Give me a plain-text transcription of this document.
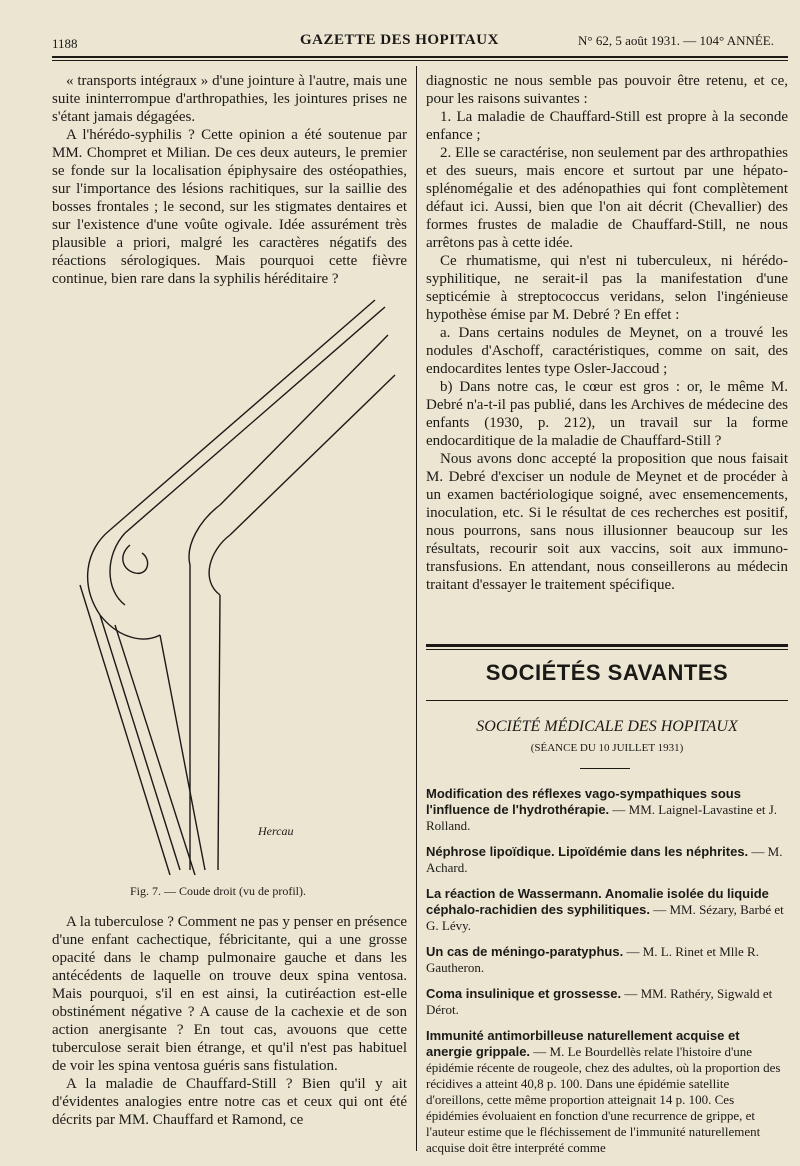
1188	GAZETTE DES HOPITAUX	N° 62, 5 août 1931. — 104° ANNÉE.

« transports intégraux » d'une jointure à l'autre, mais une suite ininterrompue d'arthropathies, les jointures prises ne s'étant jamais dégagées.

A l'hérédo-syphilis ? Cette opinion a été soutenue par MM. Chompret et Milian. De ces deux auteurs, le premier se fonde sur la localisation épiphysaire des ostéopathies, sur l'importance des lésions rachitiques, sur la saillie des bosses frontales ; le second, sur les stigmates dentaires et sur l'existence d'une voûte ogivale. Idée assurément très plausible a priori, malgré les caractères négatifs des réactions sérologiques. Mais pourquoi cette fièvre continue, bien rare dans la syphilis héréditaire ?

Hercau
Fig. 7. — Coude droit (vu de profil).

A la tuberculose ? Comment ne pas y penser en présence d'une enfant cachectique, fébricitante, qui a une grosse opacité dans le champ pulmonaire gauche et dans les antécédents de laquelle on trouve deux spina ventosa. Mais pourquoi, s'il en est ainsi, la cutiréaction est-elle obstinément négative ? A cause de la cachexie et de son action anergisante ? En tout cas, avouons que cette tuberculose serait bien étrange, et qu'il n'est pas habituel de voir les spina ventosa guéris sans fistulation.

A la maladie de Chauffard-Still ? Bien qu'il y ait d'évidentes analogies entre notre cas et ceux qui ont été décrits par MM. Chauffard et Ramond, ce

diagnostic ne nous semble pas pouvoir être retenu, et ce, pour les raisons suivantes :

1. La maladie de Chauffard-Still est propre à la seconde enfance ;

2. Elle se caractérise, non seulement par des arthropathies et des sueurs, mais encore et surtout par une hépato-splénomégalie et des adénopathies qui font complètement défaut ici. Aussi, bien que l'on ait décrit (Chevallier) des formes frustes de maladie de Chauffard-Still, ne nous arrêtons pas à cette idée.

Ce rhumatisme, qui n'est ni tuberculeux, ni hérédo-syphilitique, ne serait-il pas la manifestation d'une septicémie à streptococcus veridans, selon l'ingénieuse hypothèse émise par M. Debré ? En effet :

a. Dans certains nodules de Meynet, on a trouvé les nodules d'Aschoff, caractéristiques, comme on sait, des endocardites lentes type Osler-Jaccoud ;

b) Dans notre cas, le cœur est gros : or, le même M. Debré n'a-t-il pas publié, dans les Archives de médecine des enfants (1930, p. 212), un travail sur la forme endocarditique de la maladie de Chauffard-Still ?

Nous avons donc accepté la proposition que nous faisait M. Debré d'exciser un nodule de Meynet et de procéder à un examen bactériologique soigné, avec ensemencements, inoculation, etc. Si le résultat de ces recherches est positif, nous pourrons, sans nous illusionner beaucoup sur les résultats, recourir soit aux vaccins, soit aux immuno-transfusions. En attendant, nous conseillerons au médecin traitant d'essayer le traitement spécifique.

SOCIÉTÉS SAVANTES
SOCIÉTÉ MÉDICALE DES HOPITAUX
(SÉANCE DU 10 JUILLET 1931)

Modification des réflexes vago-sympathiques sous l'influence de l'hydrothérapie. — MM. Laignel-Lavastine et J. Rolland.

Néphrose lipoïdique. Lipoïdémie dans les néphrites. — M. Achard.

La réaction de Wassermann. Anomalie isolée du liquide céphalo-rachidien des syphilitiques. — MM. Sézary, Barbé et G. Lévy.

Un cas de méningo-paratyphus. — M. L. Rinet et Mlle R. Gautheron.

Coma insulinique et grossesse. — MM. Rathéry, Sigwald et Dérot.

Immunité antimorbilleuse naturellement acquise et anergie grippale. — M. Le Bourdellès relate l'histoire d'une épidémie récente de rougeole, chez des adultes, où la proportion des récidives a atteint 40,8 p. 100. Dans une épidémie satellite d'oreillons, cette même proportion atteignait 14 p. 100. Ces épidémies évoluaient en fonction d'une recurrence de grippe, et l'auteur estime que le fléchissement de l'immunité naturellement acquise doit être interprété comme
